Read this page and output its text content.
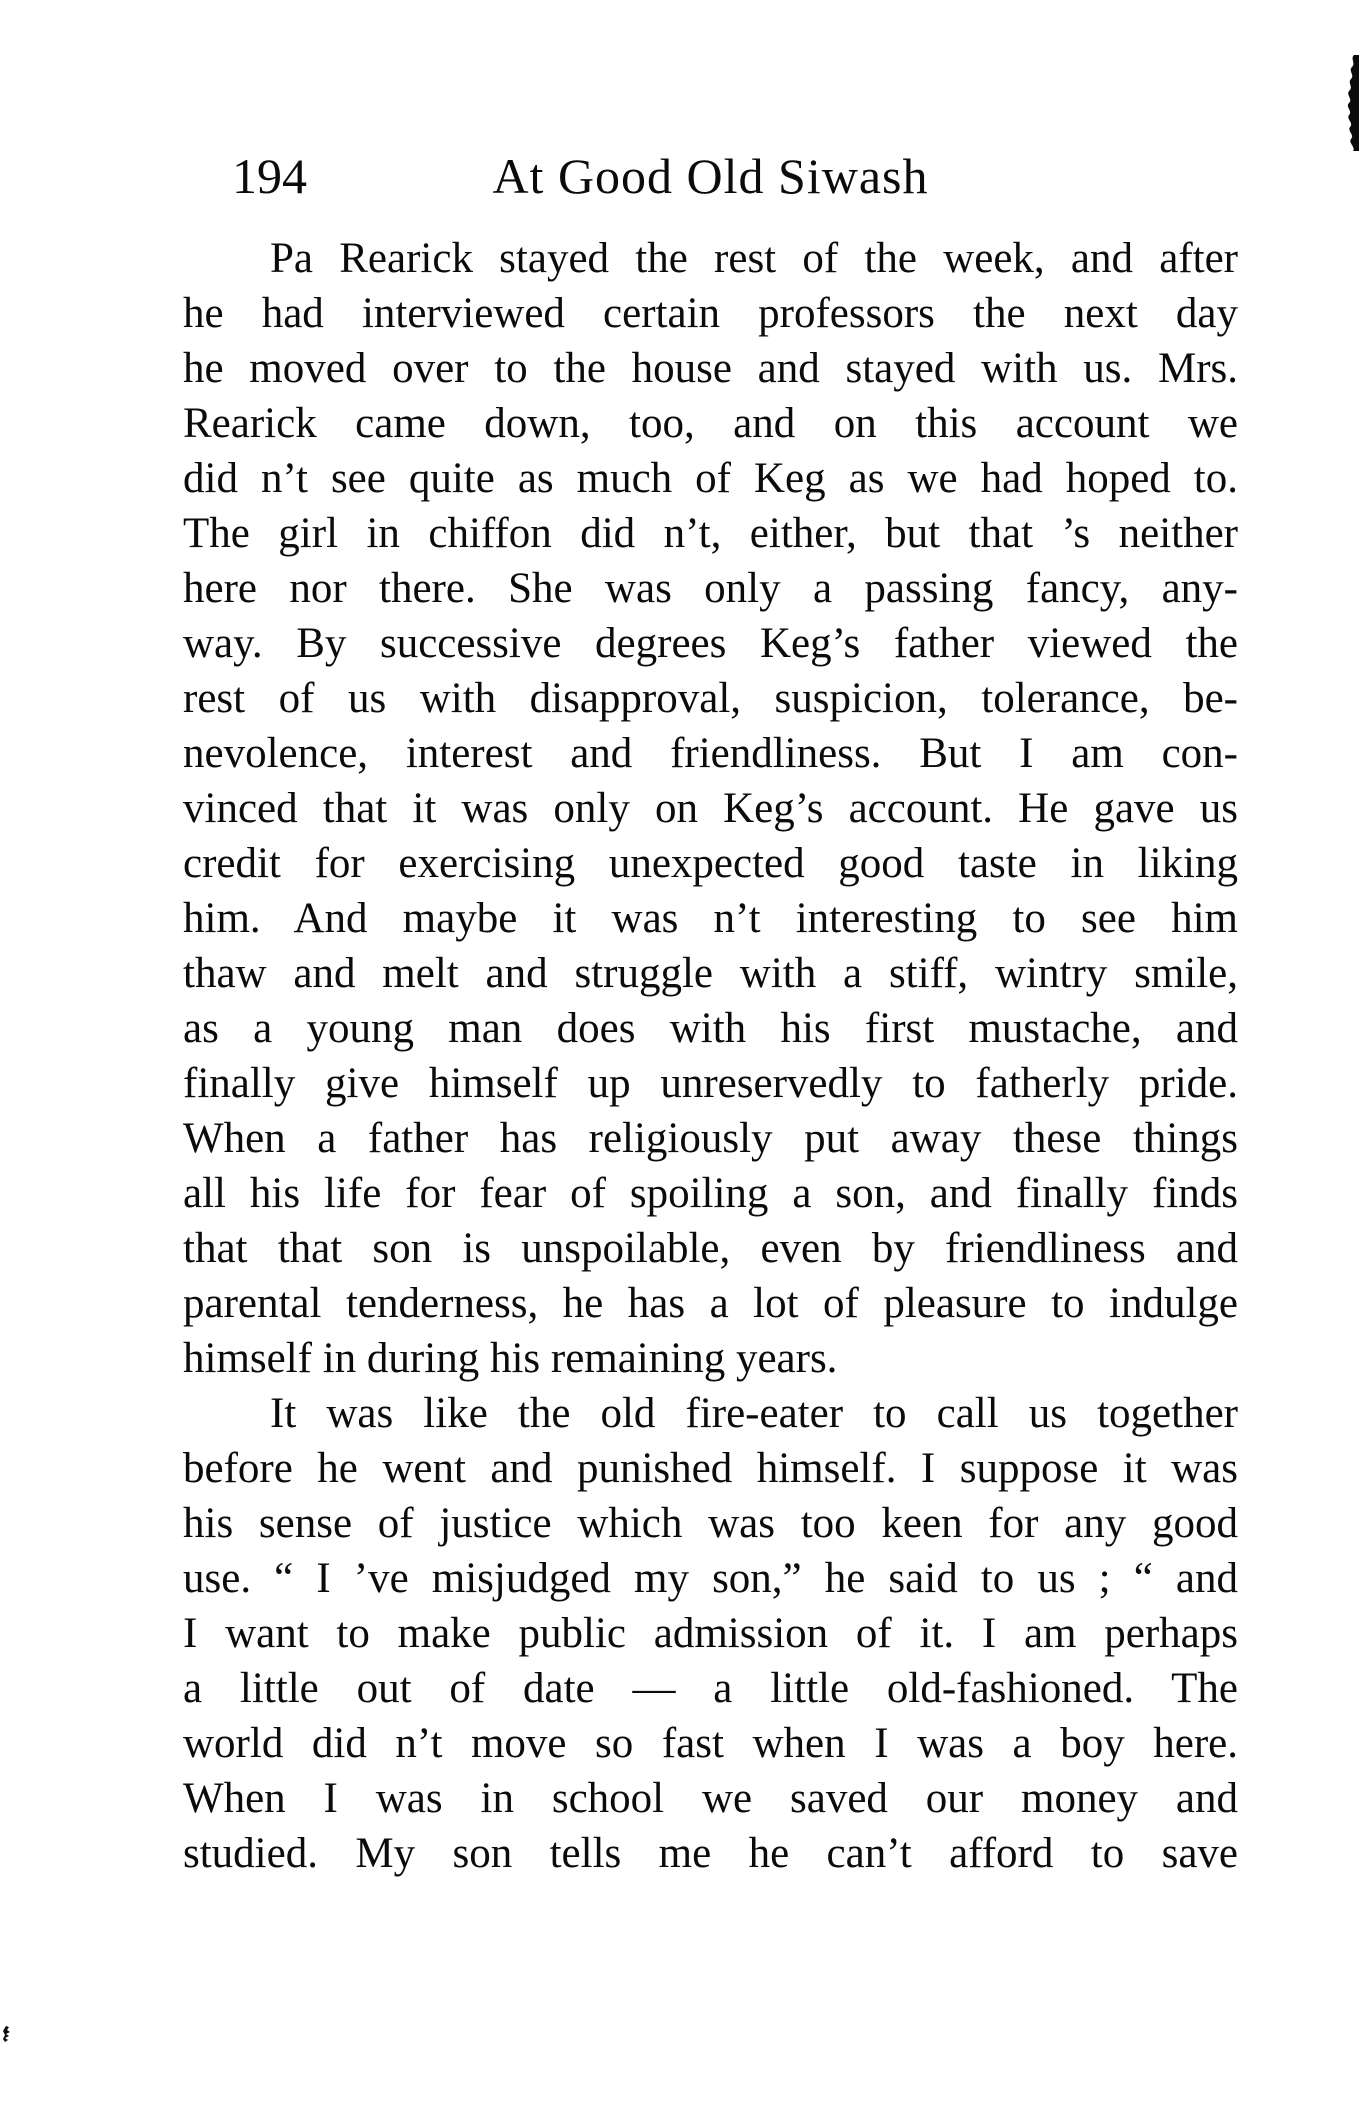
194	At Good Old Siwash
Pa Rearick stayed the rest of the week, and after
he had interviewed certain professors the next day
he moved over to the house and stayed with us. Mrs.
Rearick came down, too, and on this account we
did n’t see quite as much of Keg as we had hoped to.
The girl in chiffon did n’t, either, but that ’s neither
here nor there. She was only a passing fancy, any-
way. By successive degrees Keg’s father viewed the
rest of us with disapproval, suspicion, tolerance, be-
nevolence, interest and friendliness. But I am con-
vinced that it was only on Keg’s account. He gave us
credit for exercising unexpected good taste in liking
him. And maybe it was n’t interesting to see him
thaw and melt and struggle with a stiff, wintry smile,
as a young man does with his first mustache, and
finally give himself up unreservedly to fatherly pride.
When a father has religiously put away these things
all his life for fear of spoiling a son, and finally finds
that that son is unspoilable, even by friendliness and
parental tenderness, he has a lot of pleasure to indulge
himself in during his remaining years.
It was like the old fire-eater to call us together
before he went and punished himself. I suppose it was
his sense of justice which was too keen for any good
use. “ I ’ve misjudged my son,” he said to us ; “ and
I want to make public admission of it. I am perhaps
a little out of date — a little old-fashioned. The
world did n’t move so fast when I was a boy here.
When I was in school we saved our money and
studied. My son tells me he can’t afford to save
